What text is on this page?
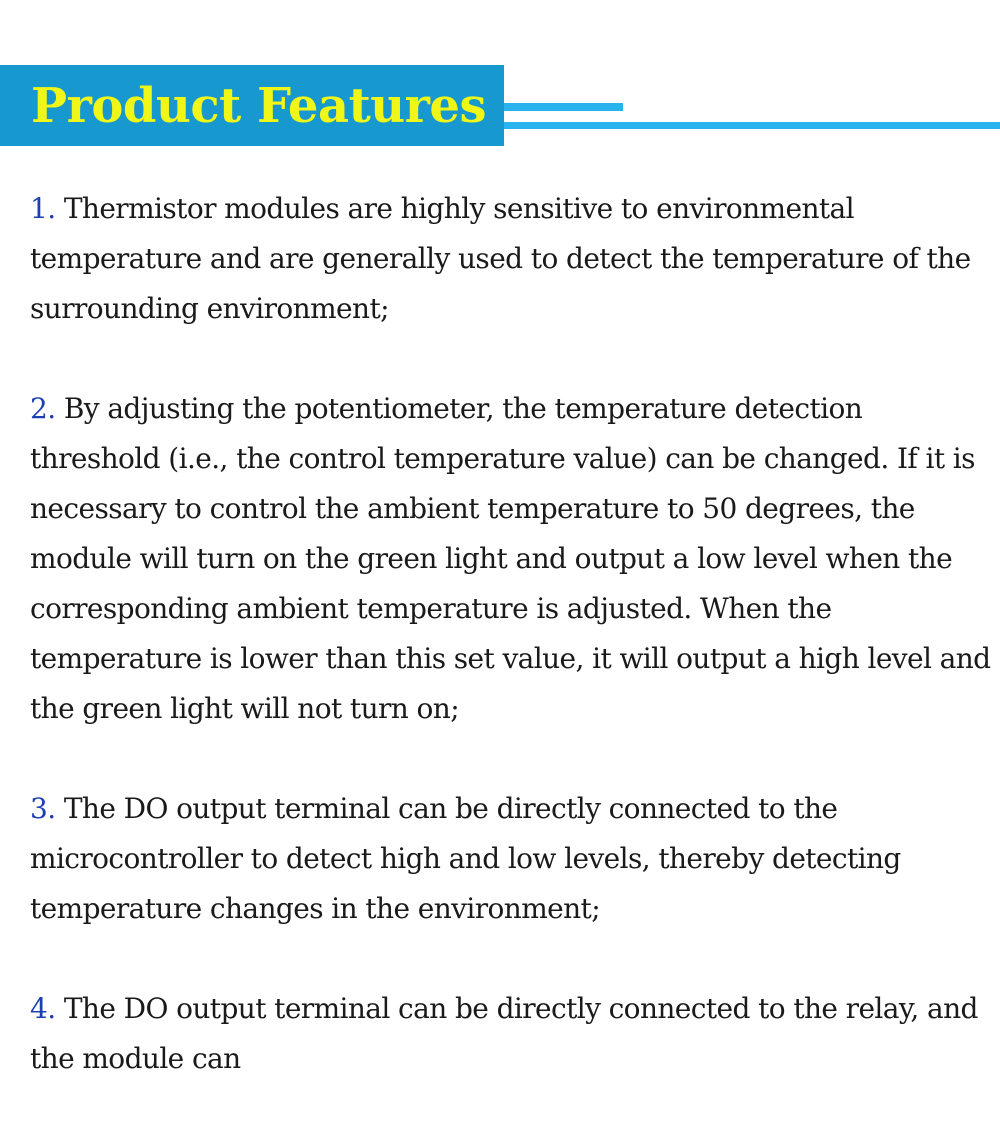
Product Features
1. Thermistor modules are highly sensitive to environmental temperature and are generally used to detect the temperature of the surrounding environment;
2. By adjusting the potentiometer, the temperature detection threshold (i.e., the control temperature value) can be changed. If it is necessary to control the ambient temperature to 50 degrees, the module will turn on the green light and output a low level when the corresponding ambient temperature is adjusted. When the temperature is lower than this set value, it will output a high level and the green light will not turn on;
3. The DO output terminal can be directly connected to the microcontroller to detect high and low levels, thereby detecting temperature changes in the environment;
4. The DO output terminal can be directly connected to the relay, and the module can
